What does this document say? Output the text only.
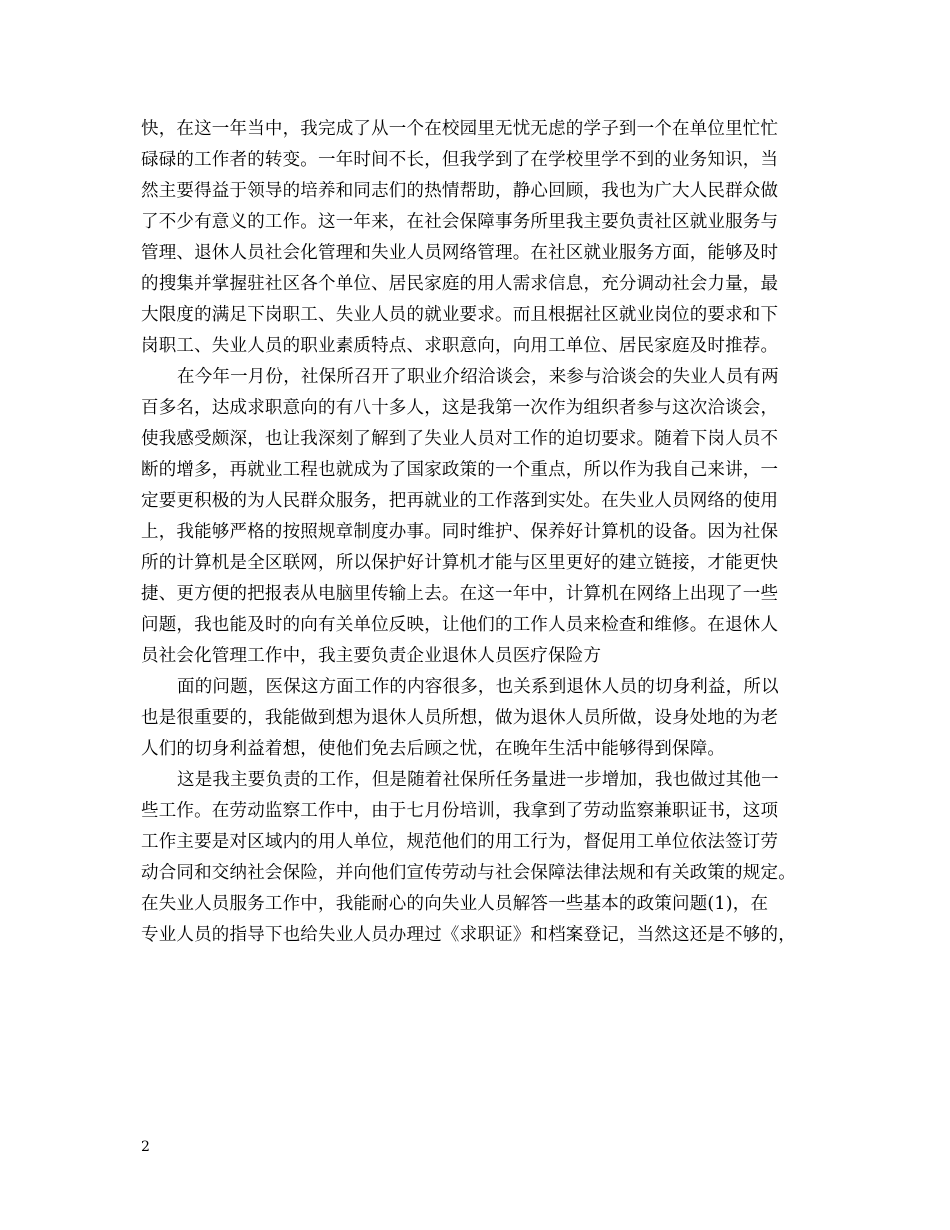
快，在这一年当中，我完成了从一个在校园里无忧无虑的学子到一个在单位里忙忙
碌碌的工作者的转变。一年时间不长，但我学到了在学校里学不到的业务知识，当
然主要得益于领导的培养和同志们的热情帮助，静心回顾，我也为广大人民群众做
了不少有意义的工作。这一年来，在社会保障事务所里我主要负责社区就业服务与
管理、退休人员社会化管理和失业人员网络管理。在社区就业服务方面，能够及时
的搜集并掌握驻社区各个单位、居民家庭的用人需求信息，充分调动社会力量，最
大限度的满足下岗职工、失业人员的就业要求。而且根据社区就业岗位的要求和下
岗职工、失业人员的职业素质特点、求职意向，向用工单位、居民家庭及时推荐。
在今年一月份，社保所召开了职业介绍洽谈会，来参与洽谈会的失业人员有两
百多名，达成求职意向的有八十多人，这是我第一次作为组织者参与这次洽谈会，
使我感受颇深，也让我深刻了解到了失业人员对工作的迫切要求。随着下岗人员不
断的增多，再就业工程也就成为了国家政策的一个重点，所以作为我自己来讲，一
定要更积极的为人民群众服务，把再就业的工作落到实处。在失业人员网络的使用
上，我能够严格的按照规章制度办事。同时维护、保养好计算机的设备。因为社保
所的计算机是全区联网，所以保护好计算机才能与区里更好的建立链接，才能更快
捷、更方便的把报表从电脑里传输上去。在这一年中，计算机在网络上出现了一些
问题，我也能及时的向有关单位反映，让他们的工作人员来检查和维修。在退休人
员社会化管理工作中，我主要负责企业退休人员医疗保险方
面的问题，医保这方面工作的内容很多，也关系到退休人员的切身利益，所以
也是很重要的，我能做到想为退休人员所想，做为退休人员所做，设身处地的为老
人们的切身利益着想，使他们免去后顾之忧，在晚年生活中能够得到保障。
这是我主要负责的工作，但是随着社保所任务量进一步增加，我也做过其他一
些工作。在劳动监察工作中，由于七月份培训，我拿到了劳动监察兼职证书，这项
工作主要是对区域内的用人单位，规范他们的用工行为，督促用工单位依法签订劳
动合同和交纳社会保险，并向他们宣传劳动与社会保障法律法规和有关政策的规定。
在失业人员服务工作中，我能耐心的向失业人员解答一些基本的政策问题(1)，在
专业人员的指导下也给失业人员办理过《求职证》和档案登记，当然这还是不够的，
2
